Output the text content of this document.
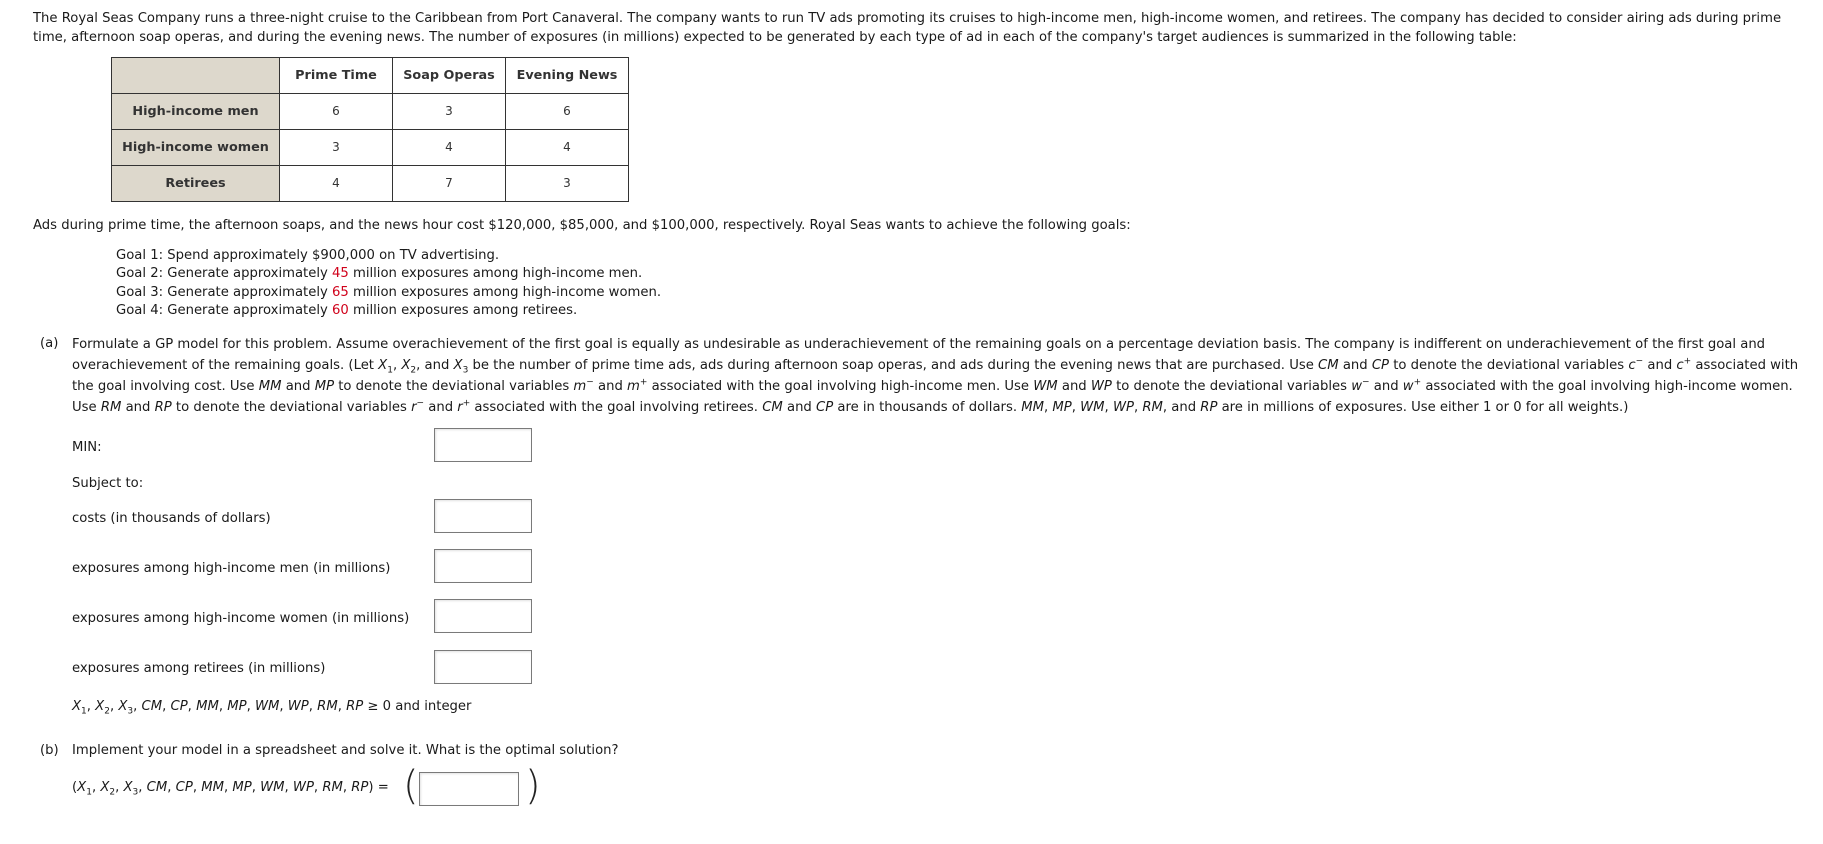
The Royal Seas Company runs a three-night cruise to the Caribbean from Port Canaveral. The company wants to run TV ads promoting its cruises to high-income men, high-income women, and retirees. The company has decided to consider airing ads during prime time, afternoon soap operas, and during the evening news. The number of exposures (in millions) expected to be generated by each type of ad in each of the company's target audiences is summarized in the following table:
	Prime Time	Soap Operas	Evening News
High-income men	6	3	6
High-income women	3	4	4
Retirees	4	7	3
Ads during prime time, the afternoon soaps, and the news hour cost $120,000, $85,000, and $100,000, respectively. Royal Seas wants to achieve the following goals:
Goal 1: Spend approximately $900,000 on TV advertising.
Goal 2: Generate approximately 45 million exposures among high-income men.
Goal 3: Generate approximately 65 million exposures among high-income women.
Goal 4: Generate approximately 60 million exposures among retirees.
(a) Formulate a GP model for this problem. Assume overachievement of the first goal is equally as undesirable as underachievement of the remaining goals on a percentage deviation basis. The company is indifferent on underachievement of the first goal and overachievement of the remaining goals. (Let $X_1$, $X_2$, and $X_3$ be the number of prime time ads, ads during afternoon soap operas, and ads during the evening news that are purchased. Use CM and CP to denote the deviational variables c− and c+ associated with the goal involving cost. Use MM and MP to denote the deviational variables m− and m+ associated with the goal involving high-income men. Use WM and WP to denote the deviational variables w− and w+ associated with the goal involving high-income women. Use RM and RP to denote the deviational variables r− and r+ associated with the goal involving retirees. CM and CP are in thousands of dollars. MM, MP, WM, WP, RM, and RP are in millions of exposures. Use either 1 or 0 for all weights.)
MIN:
Subject to:
costs (in thousands of dollars)
exposures among high-income men (in millions)
exposures among high-income women (in millions)
exposures among retirees (in millions)
$X_1$, $X_2$, $X_3$, CM, CP, MM, MP, WM, WP, RM, RP ≥ 0 and integer
(b) Implement your model in a spreadsheet and solve it. What is the optimal solution?
($X_1$, $X_2$, $X_3$, CM, CP, MM, MP, WM, WP, RM, RP) = (	)
